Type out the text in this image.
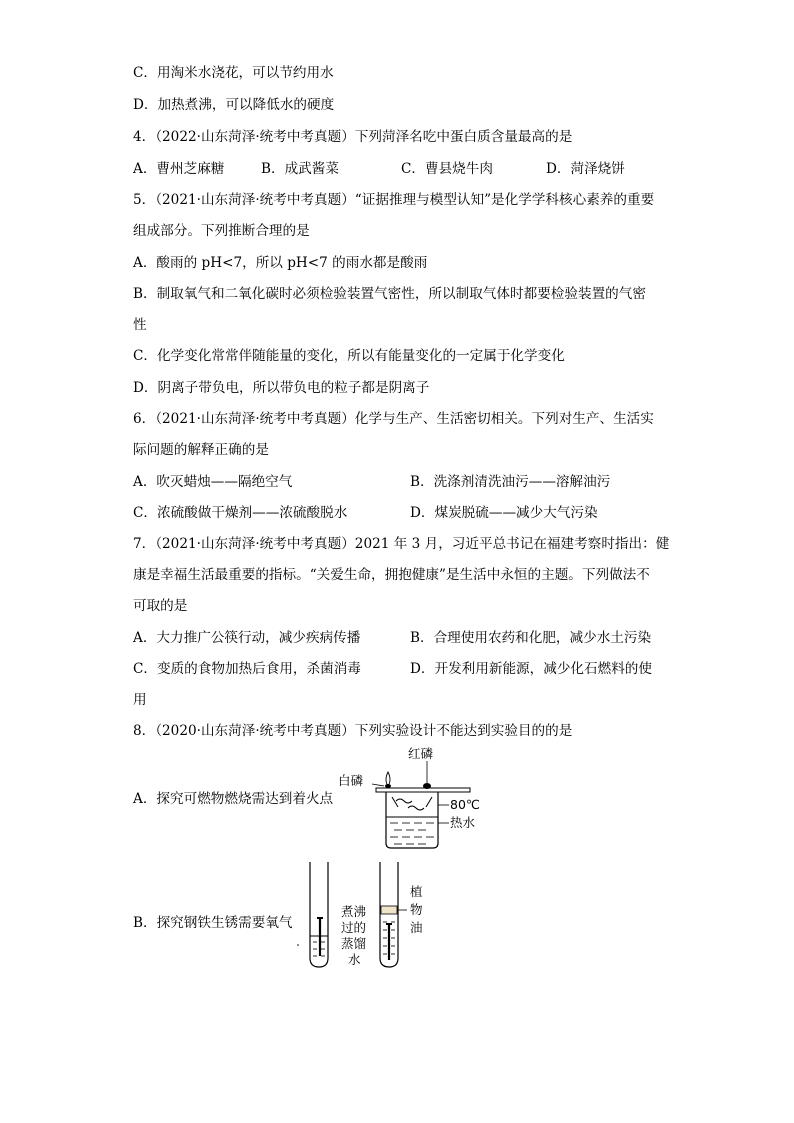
C．用淘米水浇花，可以节约用水
D．加热煮沸，可以降低水的硬度
4．（2022·山东菏泽·统考中考真题）下列菏泽名吃中蛋白质含量最高的是
A．曹州芝麻糖	B．成武酱菜	C．曹县烧牛肉	D．菏泽烧饼
5．（2021·山东菏泽·统考中考真题）“证据推理与模型认知”是化学学科核心素养的重要
组成部分。下列推断合理的是
A．酸雨的 pH<7，所以 pH<7 的雨水都是酸雨
B．制取氧气和二氧化碳时必须检验装置气密性，所以制取气体时都要检验装置的气密
性
C．化学变化常常伴随能量的变化，所以有能量变化的一定属于化学变化
D．阴离子带负电，所以带负电的粒子都是阴离子
6．（2021·山东菏泽·统考中考真题）化学与生产、生活密切相关。下列对生产、生活实
际问题的解释正确的是
A．吹灭蜡烛——隔绝空气	B．洗涤剂清洗油污——溶解油污
C．浓硫酸做干燥剂——浓硫酸脱水	D．煤炭脱硫——减少大气污染
7．（2021·山东菏泽·统考中考真题）2021 年 3 月，习近平总书记在福建考察时指出：健
康是幸福生活最重要的指标。“关爱生命，拥抱健康”是生活中永恒的主题。下列做法不
可取的是
A．大力推广公筷行动，减少疾病传播	B．合理使用农药和化肥，减少水土污染
C．变质的食物加热后食用，杀菌消毒	D．开发利用新能源，减少化石燃料的使
用
8．（2020·山东菏泽·统考中考真题）下列实验设计不能达到实验目的的是
A．探究可燃物燃烧需达到着火点
B．探究钢铁生锈需要氧气
红磷
白磷
80℃
热水
煮沸
过的
蒸馏
水
植
物
油
